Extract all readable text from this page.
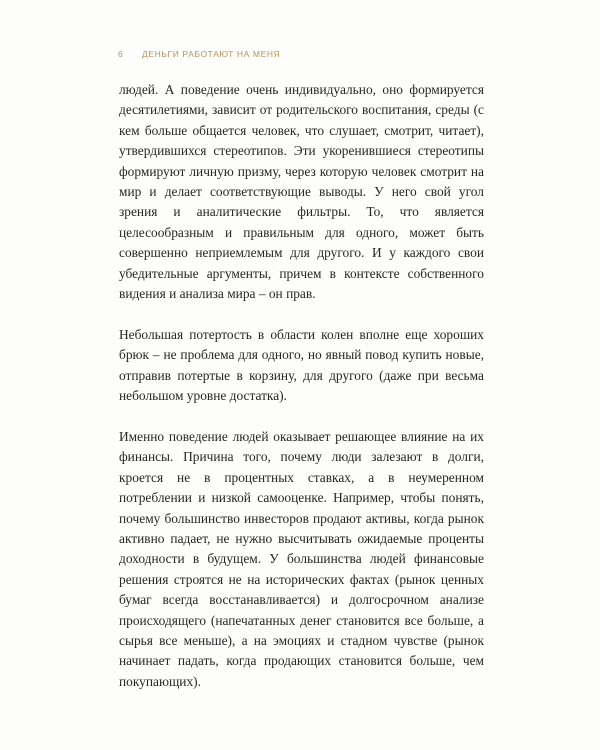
6 ДЕНЬГИ РАБОТАЮТ НА МЕНЯ

людей. А поведение очень индивидуально, оно формируется десятилетиями, зависит от родительского воспитания, среды (с кем больше общается человек, что слушает, смотрит, читает), утвердившихся стереотипов. Эти укоренившиеся стереотипы формируют личную призму, через которую человек смотрит на мир и делает соответствующие выводы. У него свой угол зрения и аналитические фильтры. То, что является целесообразным и правильным для одного, может быть совершенно неприемлемым для другого. И у каждого свои убедительные аргументы, причем в контексте собственного видения и анализа мира – он прав.

Небольшая потертость в области колен вполне еще хороших брюк – не проблема для одного, но явный повод купить новые, отправив потертые в корзину, для другого (даже при весьма небольшом уровне достатка).

Именно поведение людей оказывает решающее влияние на их финансы. Причина того, почему люди залезают в долги, кроется не в процентных ставках, а в неумеренном потреблении и низкой самооценке. Например, чтобы понять, почему большинство инвесторов продают активы, когда рынок активно падает, не нужно высчитывать ожидаемые проценты доходности в будущем. У большинства людей финансовые решения строятся не на исторических фактах (рынок ценных бумаг всегда восстанавливается) и долгосрочном анализе происходящего (напечатанных денег становится все больше, а сырья все меньше), а на эмоциях и стадном чувстве (рынок начинает падать, когда продающих становится больше, чем покупающих).
